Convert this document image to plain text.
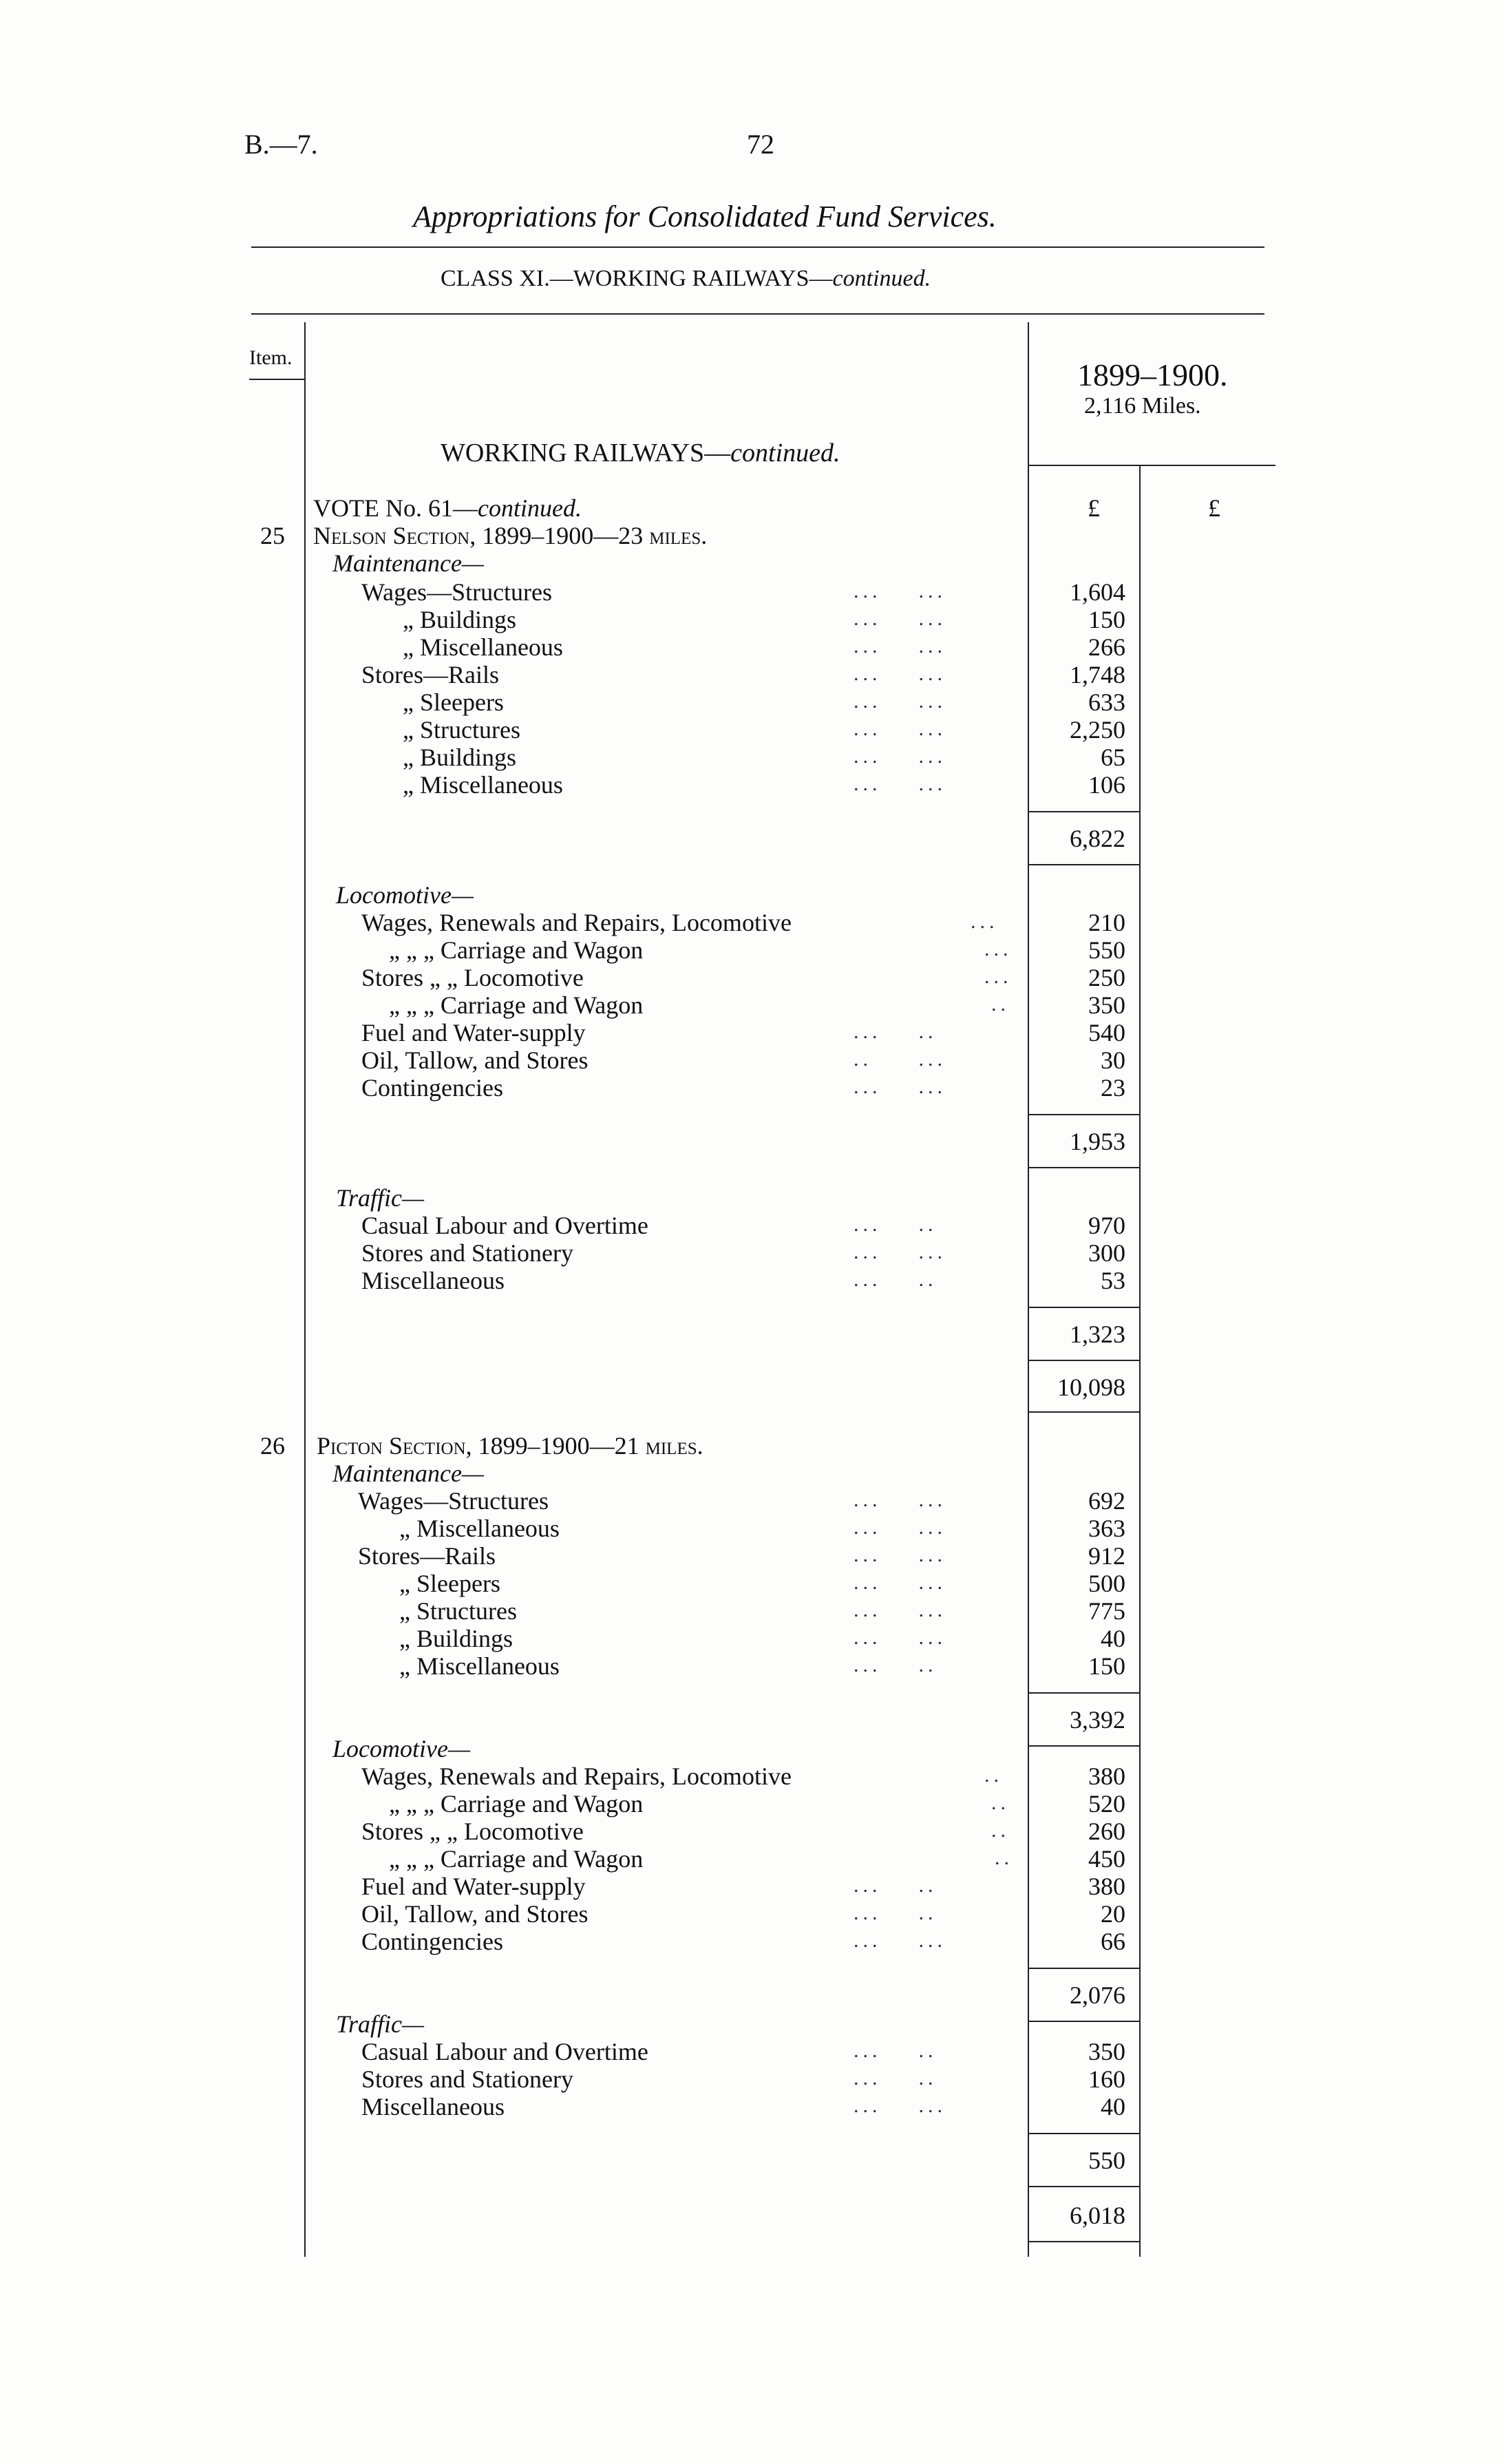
B.—7.	72
Appropriations for Consolidated Fund Services.
CLASS XI.—WORKING RAILWAYS—continued.
Item.	1899–1900.
2,116 Miles.
£	£
WORKING RAILWAYS—continued.
VOTE No. 61—continued.
25 Nelson Section, 1899–1900—23 miles.
Maintenance—
Wages—Structures	...    ...	1,604
„ Buildings	...    ...	150
„ Miscellaneous	...    ...	266
Stores—Rails	...    ...	1,748
„ Sleepers	...    ...	633
„ Structures	...    ...	2,250
„ Buildings	...    ...	65
„ Miscellaneous	...    ...	106
6,822
Locomotive—
Wages, Renewals and Repairs, Locomotive	...	210
„ „ „ Carriage and Wagon	...	550
Stores „ „ Locomotive	...	250
„ „ „ Carriage and Wagon	..	350
Fuel and Water-supply	...    ..	540
Oil, Tallow, and Stores	..     ...	30
Contingencies	...    ...	23
1,953
Traffic—
Casual Labour and Overtime	...    ..	970
Stores and Stationery	...    ...	300
Miscellaneous	...    ..	53
1,323
10,098
26 Picton Section, 1899–1900—21 miles.
Maintenance—
Wages—Structures	...    ...	692
„ Miscellaneous	...    ...	363
Stores—Rails	...    ...	912
„ Sleepers	...    ...	500
„ Structures	...    ...	775
„ Buildings	...    ...	40
„ Miscellaneous	...    ..	150
3,392
Locomotive—
Wages, Renewals and Repairs, Locomotive	..	380
„ „ „ Carriage and Wagon	..	520
Stores „ „ Locomotive	..	260
„ „ „ Carriage and Wagon	..	450
Fuel and Water-supply	...    ..	380
Oil, Tallow, and Stores	...    ..	20
Contingencies	...    ...	66
2,076
Traffic—
Casual Labour and Overtime	...    ..	350
Stores and Stationery	...    ..	160
Miscellaneous	...    ...	40
550
6,018
